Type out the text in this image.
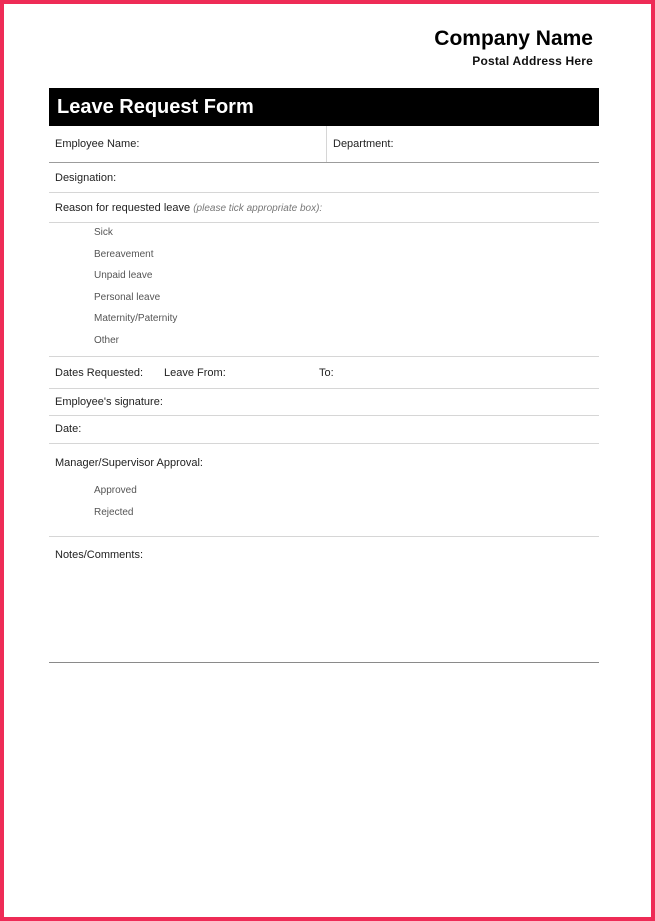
Company Name
Postal Address Here
Leave Request Form
Employee Name:	Department:
Designation:
Reason for requested leave (please tick appropriate box):
Sick
Bereavement
Unpaid leave
Personal leave
Maternity/Paternity
Other
Dates Requested: Leave From:	To:
Employee's signature:
Date:
Manager/Supervisor Approval:
Approved
Rejected
Notes/Comments:
